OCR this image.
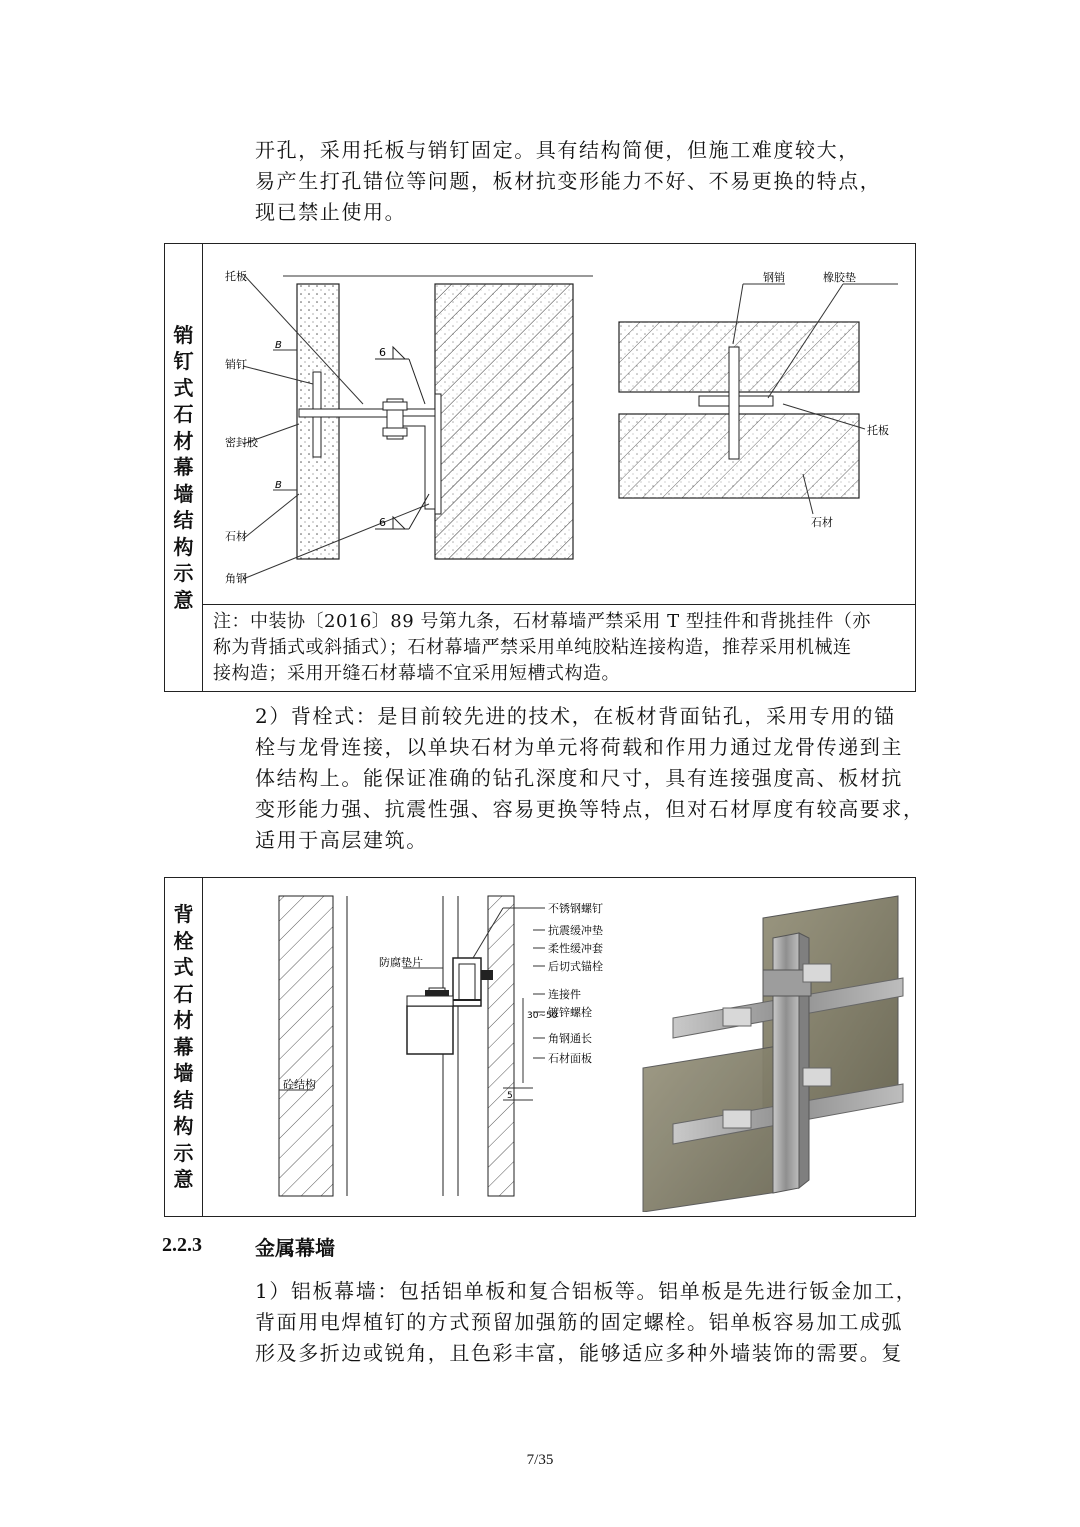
开孔，采用托板与销钉固定。具有结构简便，但施工难度较大，
易产生打孔错位等问题，板材抗变形能力不好、不易更换的特点，
现已禁止使用。
销
钉
式
石
材
幕
墙
结
构
示
意

托板
销钉
密封胶
石材
角钢
B
B
6
6
钢销	橡胶垫
托板
石材

注：中装协〔2016〕89 号第九条，石材幕墙严禁采用 T 型挂件和背挑挂件（亦
称为背插式或斜插式）；石材幕墙严禁采用单纯胶粘连接构造，推荐采用机械连
接构造；采用开缝石材幕墙不宜采用短槽式构造。
2）背栓式：是目前较先进的技术，在板材背面钻孔，采用专用的锚
栓与龙骨连接，以单块石材为单元将荷载和作用力通过龙骨传递到主
体结构上。能保证准确的钻孔深度和尺寸，具有连接强度高、板材抗
变形能力强、抗震性强、容易更换等特点，但对石材厚度有较高要求，
适用于高层建筑。
背
栓
式
石
材
幕
墙
结
构
示
意

不锈钢螺钉
抗震缓冲垫
柔性缓冲套
后切式锚栓
连接件
镀锌螺栓
角钢通长
石材面板
防腐垫片
砼结构
5
30~50
2.2.3	金属幕墙
1）铝板幕墙：包括铝单板和复合铝板等。铝单板是先进行钣金加工，
背面用电焊植钉的方式预留加强筋的固定螺栓。铝单板容易加工成弧
形及多折边或锐角，且色彩丰富，能够适应多种外墙装饰的需要。复
7/35
